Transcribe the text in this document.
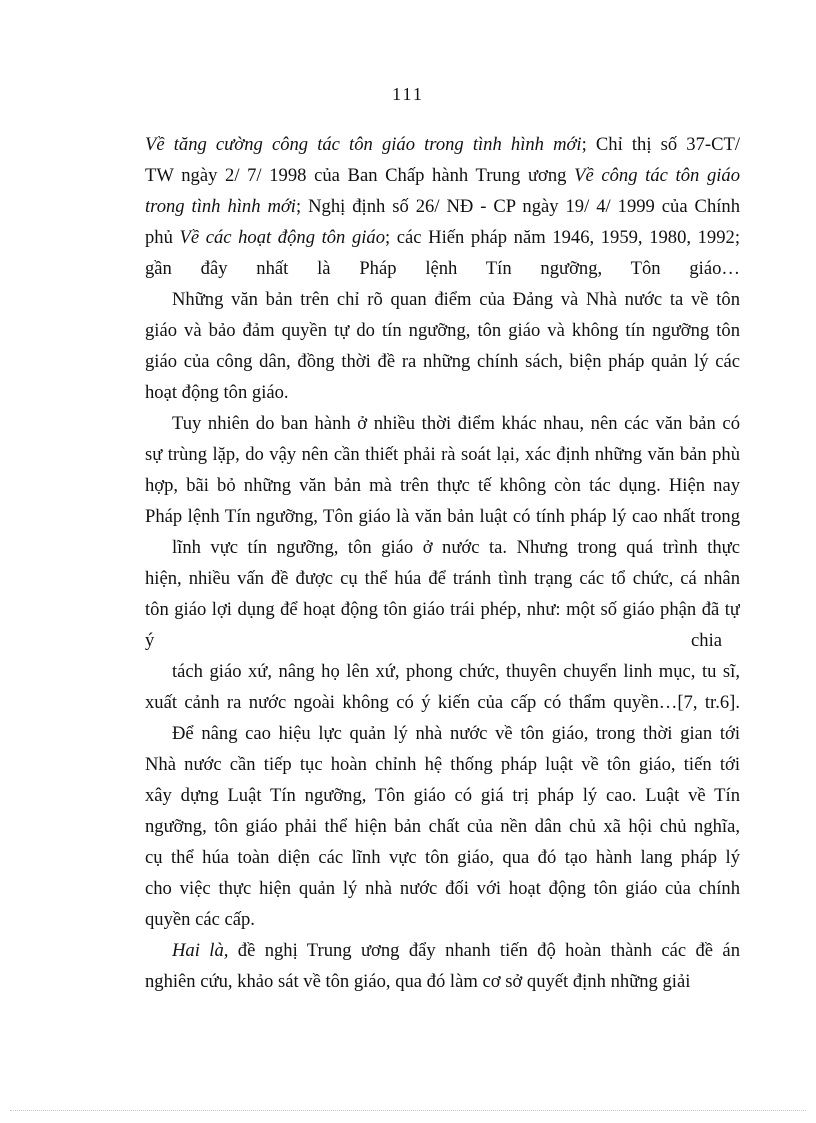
111
Về tăng cường công tác tôn giáo trong tình hình mới; Chỉ thị số 37-CT/
TW ngày 2/ 7/ 1998 của Ban Chấp hành Trung ương Về công tác tôn giáo
trong tình hình mới; Nghị định số 26/ NĐ - CP ngày 19/ 4/ 1999 của Chính
phủ Về các hoạt động tôn giáo; các Hiến pháp năm 1946, 1959, 1980, 1992;
gần đây nhất là Pháp lệnh Tín ngưỡng, Tôn giáo…
Những văn bản trên chỉ rõ quan điểm của Đảng và Nhà nước ta về tôn
giáo và bảo đảm quyền tự do tín ngưỡng, tôn giáo và không tín ngưỡng tôn
giáo của công dân, đồng thời đề ra những chính sách, biện pháp quản lý các
hoạt động tôn giáo.
Tuy nhiên do ban hành ở nhiều thời điểm khác nhau, nên các văn bản có
sự trùng lặp, do vậy nên cần thiết phải rà soát lại, xác định những văn bản phù
hợp, bãi bỏ những văn bản mà trên thực tế không còn tác dụng. Hiện nay
Pháp lệnh Tín ngưỡng, Tôn giáo là văn bản luật có tính pháp lý cao nhất trong
lĩnh vực tín ngưỡng, tôn giáo ở nước ta. Nhưng trong quá trình thực
hiện, nhiều vấn đề được cụ thể húa để tránh tình trạng các tổ chức, cá nhân
tôn giáo lợi dụng để hoạt động tôn giáo trái phép, như: một số giáo phận đã tự
ý chia
tách giáo xứ, nâng họ lên xứ, phong chức, thuyên chuyển linh mục, tu sĩ,
xuất cảnh ra nước ngoài không có ý kiến của cấp có thẩm quyền…[7, tr.6].
Để nâng cao hiệu lực quản lý nhà nước về tôn giáo, trong thời gian tới
Nhà nước cần tiếp tục hoàn chỉnh hệ thống pháp luật về tôn giáo, tiến tới
xây dựng Luật Tín ngưỡng, Tôn giáo có giá trị pháp lý cao. Luật về Tín
ngưỡng, tôn giáo phải thể hiện bản chất của nền dân chủ xã hội chủ nghĩa,
cụ thể húa toàn diện các lĩnh vực tôn giáo, qua đó tạo hành lang pháp lý
cho việc thực hiện quản lý nhà nước đối với hoạt động tôn giáo của chính
quyền các cấp.
Hai là, đề nghị Trung ương đẩy nhanh tiến độ hoàn thành các đề án
nghiên cứu, khảo sát về tôn giáo, qua đó làm cơ sở quyết định những giải
